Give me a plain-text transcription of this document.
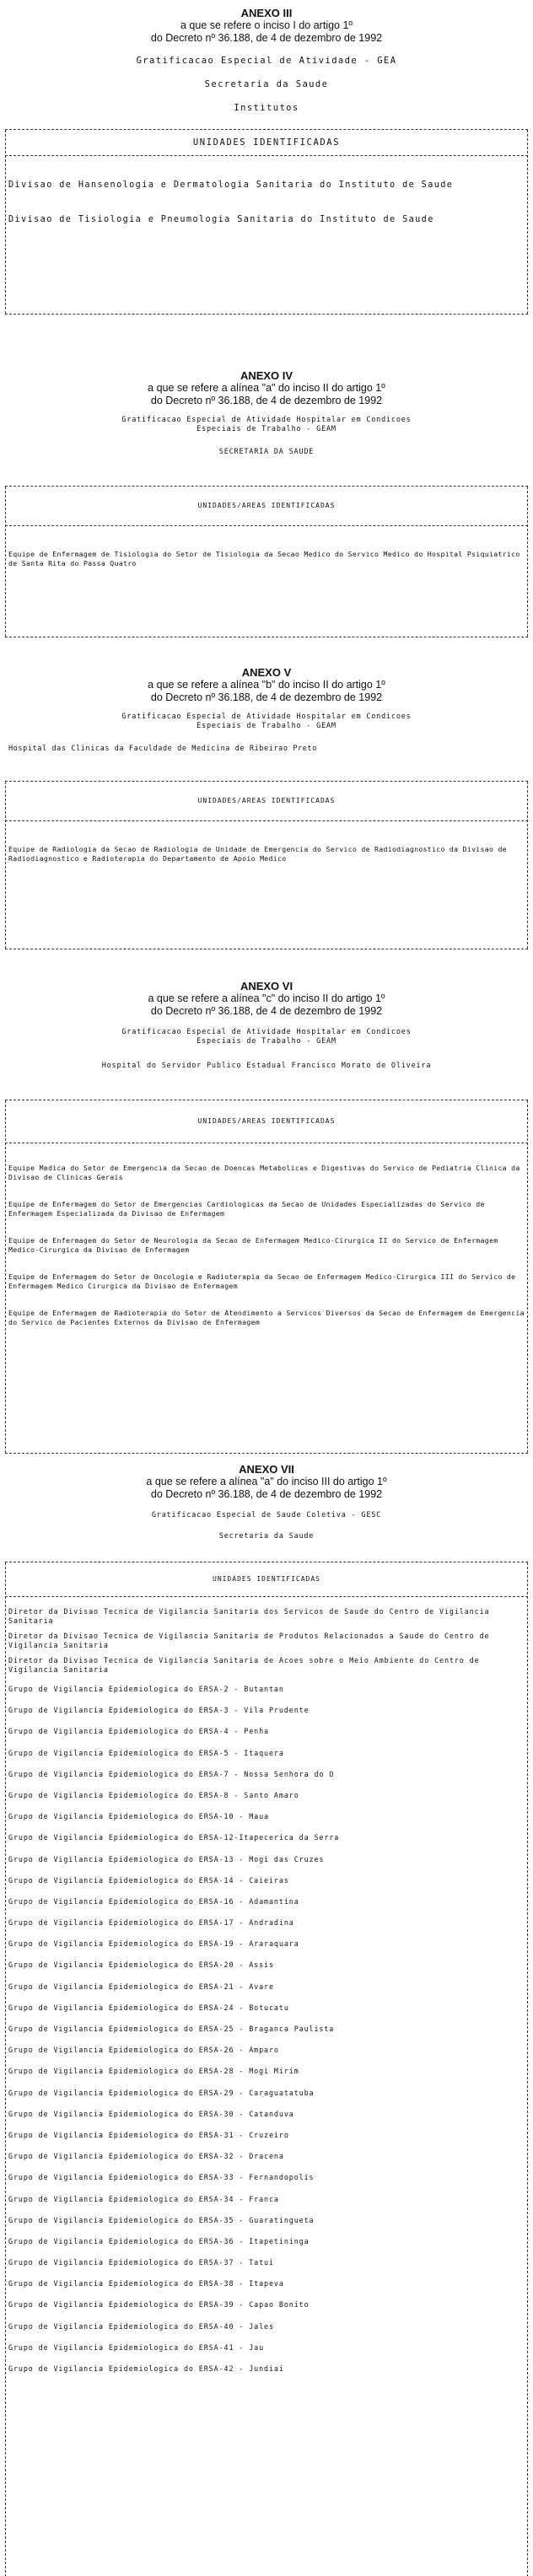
ANEXO III
a que se refere o inciso I do artigo 1º
do Decreto nº 36.188, de 4 de dezembro de 1992
Gratificacao Especial de Atividade - GEA
Secretaria da Saude
Institutos
UNIDADES IDENTIFICADAS
Divisao de Hansenologia e Dermatologia Sanitaria do Instituto de Saude
Divisao de Tisiologia e Pneumologia Sanitaria do Instituto de Saude
ANEXO IV
a que se refere a alínea "a" do inciso II do artigo 1º
do Decreto nº 36.188, de 4 de dezembro de 1992
Gratificacao Especial de Atividade Hospitalar em Condicoes
Especiais de Trabalho - GEAM
SECRETARIA DA SAUDE
UNIDADES/AREAS IDENTIFICADAS
Equipe de Enfermagem de Tisiologia do Setor de Tisiologia da Secao Medico do Servico Medico do Hospital Psiquiatrico de Santa Rita do Passa Quatro
ANEXO V
a que se refere a alínea "b" do inciso II do artigo 1º
do Decreto nº 36.188, de 4 de dezembro de 1992
Gratificacao Especial de Atividade Hospitalar em Condicoes
Especiais de Trabalho - GEAM
Hospital das Clinicas da Faculdade de Medicina de Ribeirao Preto
UNIDADES/AREAS IDENTIFICADAS
Equipe de Radiologia da Secao de Radiologia de Unidade de Emergencia do Servico de Radiodiagnostico da Divisao de Radiodiagnostico e Radioterapia do Departamento de Apoio Medico
ANEXO VI
a que se refere a alínea "c" do inciso II do artigo 1º
do Decreto nº 36.188, de 4 de dezembro de 1992
Gratificacao Especial de Atividade Hospitalar em Condicoes
Especiais de Trabalho - GEAM
Hospital do Servidor Publico Estadual Francisco Morato de Oliveira
UNIDADES/AREAS IDENTIFICADAS
Equipe Medica do Setor de Emergencia da Secao de Doencas Metabolicas e Digestivas do Servico de Pediatria Clinica da Divisao de Clinicas Gerais
Equipe de Enfermagem do Setor de Emergencias Cardiologicas da Secao de Unidades Especializadas do Servico de Enfermagem Especializada da Divisao de Enfermagem
Equipe de Enfermagem do Setor de Neurologia da Secao de Enfermagem Medico-Cirurgica II do Servico de Enfermagem Medico-Cirurgica da Divisao de Enfermagem
Equipe de Enfermagem do Setor de Oncologia e Radioterapia da Secao de Enfermagem Medico-Cirurgica III do Servico de Enfermagem Medico Cirurgica da Divisao de Enfermagem
Equipe de Enfermagem de Radioterapia do Setor de Atendimento a Servicos Diversos da Secao de Enfermagem de Emergencia do Servico de Pacientes Externos da Divisao de Enfermagem
ANEXO VII
a que se refere a alínea "a" do inciso III do artigo 1º
do Decreto nº 36.188, de 4 de dezembro de 1992
Gratificacao Especial de Saude Coletiva - GESC
Secretaria da Saude
UNIDADES IDENTIFICADAS
Diretor da Divisao Tecnica de Vigilancia Sanitaria dos Servicos de Saude do Centro de Vigilancia Sanitaria
Diretor da Divisao Tecnica de Vigilancia Sanitaria de Produtos Relacionados a Saude do Centro de Vigilancia Sanitaria
Diretor da Divisao Tecnica de Vigilancia Sanitaria de Acoes sobre o Meio Ambiente do Centro de Vigilancia Sanitaria
Grupo de Vigilancia Epidemiologica do ERSA-2 - Butantan
Grupo de Vigilancia Epidemiologica do ERSA-3 - Vila Prudente
Grupo de Vigilancia Epidemiologica do ERSA-4 - Penha
Grupo de Vigilancia Epidemiologica do ERSA-5 - Itaquera
Grupo de Vigilancia Epidemiologica do ERSA-7 - Nossa Senhora do O
Grupo de Vigilancia Epidemiologica do ERSA-8 - Santo Amaro
Grupo de Vigilancia Epidemiologica do ERSA-10 - Maua
Grupo de Vigilancia Epidemiologica do ERSA-12-Itapecerica da Serra
Grupo de Vigilancia Epidemiologica do ERSA-13 - Mogi das Cruzes
Grupo de Vigilancia Epidemiologica do ERSA-14 - Caieiras
Grupo de Vigilancia Epidemiologica do ERSA-16 - Adamantina
Grupo de Vigilancia Epidemiologica do ERSA-17 - Andradina
Grupo de Vigilancia Epidemiologica do ERSA-19 - Araraquara
Grupo de Vigilancia Epidemiologica do ERSA-20 - Assis
Grupo de Vigilancia Epidemiologica do ERSA-21 - Avare
Grupo de Vigilancia Epidemiologica do ERSA-24 - Botucatu
Grupo de Vigilancia Epidemiologica do ERSA-25 - Braganca Paulista
Grupo de Vigilancia Epidemiologica do ERSA-26 - Amparo
Grupo de Vigilancia Epidemiologica do ERSA-28 - Mogi Mirim
Grupo de Vigilancia Epidemiologica do ERSA-29 - Caraguatatuba
Grupo de Vigilancia Epidemiologica do ERSA-30 - Catanduva
Grupo de Vigilancia Epidemiologica do ERSA-31 - Cruzeiro
Grupo de Vigilancia Epidemiologica do ERSA-32 - Dracena
Grupo de Vigilancia Epidemiologica do ERSA-33 - Fernandopolis
Grupo de Vigilancia Epidemiologica do ERSA-34 - Franca
Grupo de Vigilancia Epidemiologica do ERSA-35 - Guaratingueta
Grupo de Vigilancia Epidemiologica do ERSA-36 - Itapetininga
Grupo de Vigilancia Epidemiologica do ERSA-37 - Tatui
Grupo de Vigilancia Epidemiologica do ERSA-38 - Itapeva
Grupo de Vigilancia Epidemiologica do ERSA-39 - Capao Bonito
Grupo de Vigilancia Epidemiologica do ERSA-40 - Jales
Grupo de Vigilancia Epidemiologica do ERSA-41 - Jau
Grupo de Vigilancia Epidemiologica do ERSA-42 - Jundiai
